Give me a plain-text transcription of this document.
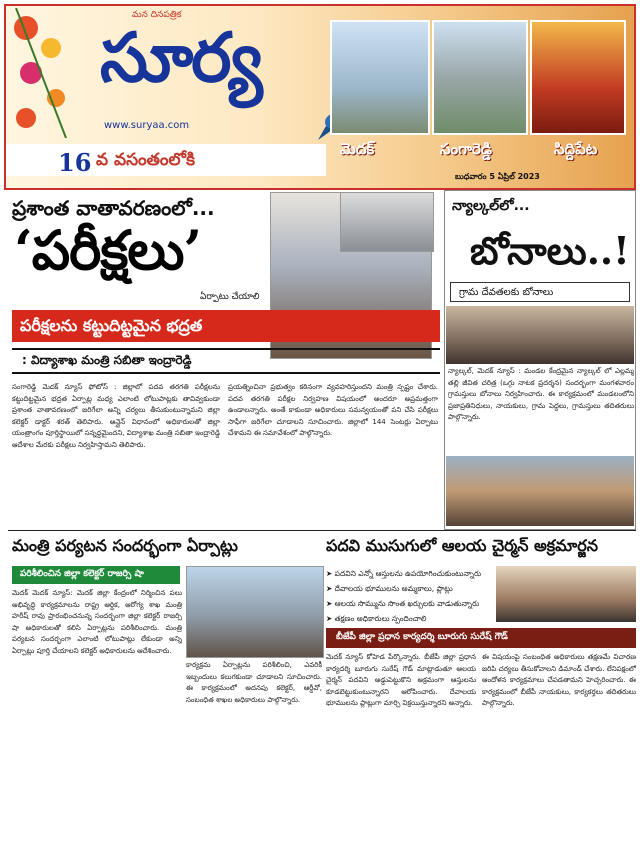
మన దినపత్రిక
సూర్య
www.suryaa.com
మెదక్	సంగారెడ్డి	సిద్దిపేట
16 వ వసంతంలోకి
బుధవారం 5 ఏప్రిల్ 2023
ప్రశాంత వాతావరణంలో...
‘పరీక్షలు’
ఏర్పాటు చేయాలి
పరీక్షలను కట్టుదిట్టమైన భద్రత
: విద్యాశాఖ మంత్రి సబితా ఇంద్రారెడ్డి
సంగారెడ్డి మెదక్ న్యూస్ ఫోటోస్ : జిల్లాలో పదవ తరగతి పరీక్షలను కట్టుదిట్టమైన భద్రత ఏర్పాట్ల మధ్య ఎలాంటి లోటుపాట్లకు తావివ్వకుండా ప్రశాంత వాతావరణంలో జరిగేలా అన్ని చర్యలు తీసుకుంటున్నామని జిల్లా కలెక్టర్ డాక్టర్ శరత్ తెలిపారు. ఆన్లైన్ విధానంలో అధికారులతో జిల్లా యంత్రాంగం పూర్తిస్థాయిలో సన్నద్ధమైందని, విద్యాశాఖ మంత్రి సబితా ఇంద్రారెడ్డి ఆదేశాల మేరకు పరీక్షలు నిర్వహిస్తామని తెలిపారు.
ప్రయత్నించినా ప్రభుత్వం కఠినంగా వ్యవహరిస్తుందని మంత్రి స్పష్టం చేశారు. పదవ తరగతి పరీక్షల నిర్వహణ విషయంలో అందరూ అప్రమత్తంగా ఉండాలన్నారు. అంతే కాకుండా అధికారులు సమన్వయంతో పని చేసి పరీక్షలు సాఫీగా జరిగేలా చూడాలని సూచించారు. జిల్లాలో 144 సెంటర్లు ఏర్పాటు చేశామని ఈ సమావేశంలో పాల్గొన్నారు.
న్యాల్కల్‌లో...
బోనాలు..!
గ్రామ దేవతలకు బోనాలు
న్యాల్కల్, మెదక్ న్యూస్ : మండల కేంద్రమైన న్యాల్కల్ లో ఎల్లమ్మ తల్లి జీవిత చరిత్ర (ఒగ్గు నాటక ప్రదర్శన) సందర్భంగా మంగళవారం గ్రామస్తులు బోనాలు నిర్వహించారు. ఈ కార్యక్రమంలో మండలంలోని ప్రజాప్రతినిధులు, నాయకులు, గ్రామ పెద్దలు, గ్రామస్తులు తదితరులు పాల్గొన్నారు.
మంత్రి పర్యటన సందర్భంగా ఏర్పాట్లు	పదవి ముసుగులో ఆలయ చైర్మన్ అక్రమార్జన
పరిశీలించిన జిల్లా కలెక్టర్ రాజర్సి షా
మెదక్ మెదక్ న్యూస్: మెదక్ జిల్లా కేంద్రంలో నిర్మించిన పలు అభివృద్ధి కార్యక్రమాలను రాష్ట్ర ఆర్థిక, ఆరోగ్య శాఖ మంత్రి హరీష్ రావు ప్రారంభించనున్న సందర్భంగా జిల్లా కలెక్టర్ రాజర్సి షా అధికారులతో కలిసి ఏర్పాట్లను పరిశీలించారు. మంత్రి పర్యటన సందర్భంగా ఎలాంటి లోటుపాట్లు లేకుండా అన్ని ఏర్పాట్లు పూర్తి చేయాలని కలెక్టర్ అధికారులను ఆదేశించారు.
కార్యక్రమ ఏర్పాట్లను పరిశీలించి, ఎవరికీ ఇబ్బందులు కలుగకుండా చూడాలని సూచించారు. ఈ కార్యక్రమంలో అదనపు కలెక్టర్, ఆర్డీవో, సంబంధిత శాఖల అధికారులు పాల్గొన్నారు.
➤ పదవిని ఎన్నో ఆస్తులను ఉపయోగించుకుంటున్నారు
➤ దేవాలయ భూములను అమ్మకాలు, ప్లాట్లు
➤ ఆలయ సొమ్మును సొంత ఖర్చులకు వాడుతున్నారు
➤ తక్షణం అధికారులు స్పందించాలి
బీజేపీ జిల్లా ప్రధాన కార్యదర్శి బూరుగు సురేష్ గౌడ్
మెదక్ న్యూస్ కోహెడ పేర్కొన్నారు. బీజేపీ జిల్లా ప్రధాన కార్యదర్శి బూరుగు సురేష్ గౌడ్ మాట్లాడుతూ ఆలయ చైర్మన్ పదవిని అడ్డుపెట్టుకొని అక్రమంగా ఆస్తులను కూడబెట్టుకుంటున్నారని ఆరోపించారు. దేవాలయ భూములను ప్లాట్లుగా మార్చి విక్రయిస్తున్నారని అన్నారు.
ఈ విషయంపై సంబంధిత అధికారులు తక్షణమే విచారణ జరిపి చర్యలు తీసుకోవాలని డిమాండ్ చేశారు. లేనిపక్షంలో ఆందోళన కార్యక్రమాలు చేపడతామని హెచ్చరించారు. ఈ కార్యక్రమంలో బీజేపీ నాయకులు, కార్యకర్తలు తదితరులు పాల్గొన్నారు.
